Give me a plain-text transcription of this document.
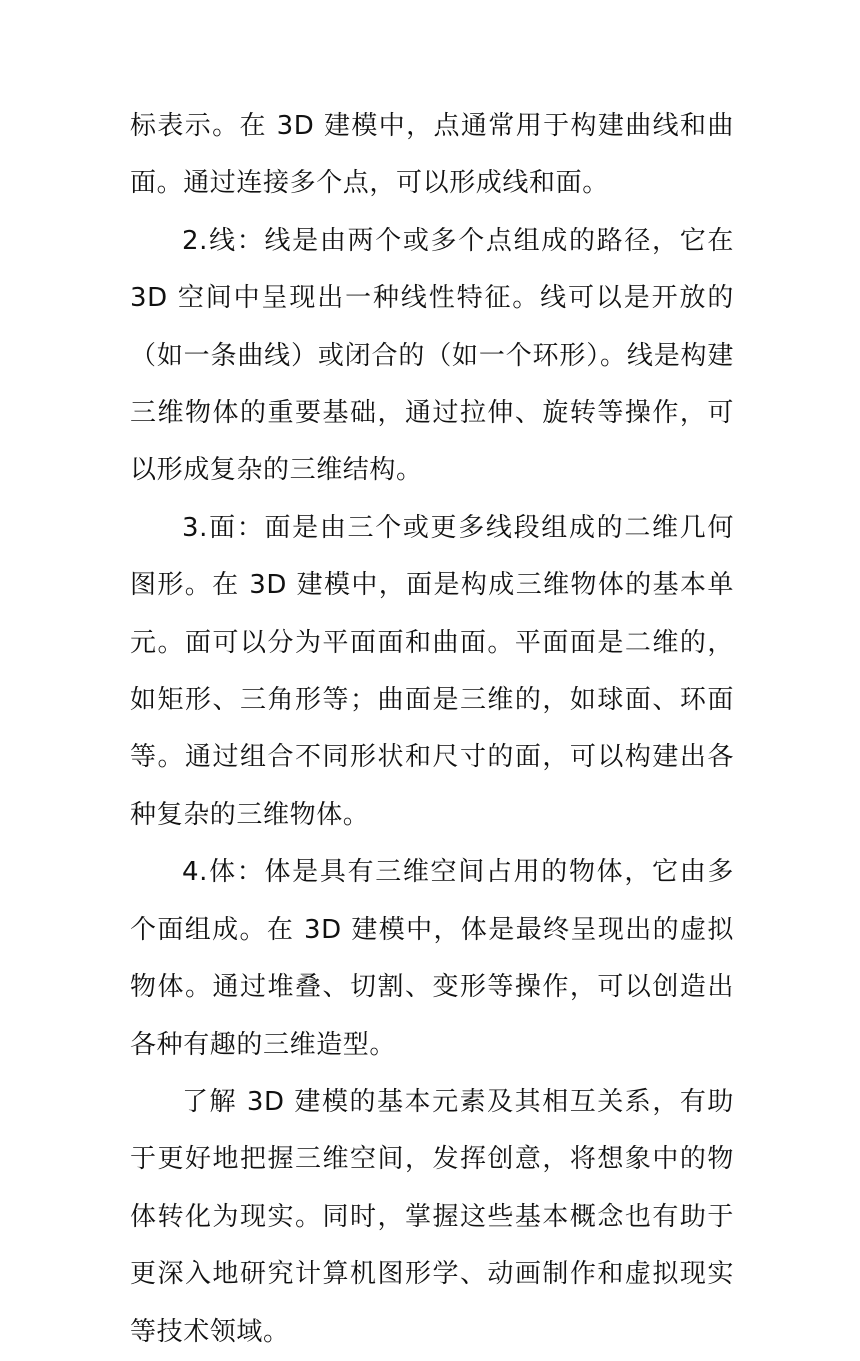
标表示。在 3D 建模中，点通常用于构建曲线和曲面。通过连接多个点，可以形成线和面。

2.线：线是由两个或多个点组成的路径，它在 3D 空间中呈现出一种线性特征。线可以是开放的（如一条曲线）或闭合的（如一个环形）。线是构建三维物体的重要基础，通过拉伸、旋转等操作，可以形成复杂的三维结构。

3.面：面是由三个或更多线段组成的二维几何图形。在 3D 建模中，面是构成三维物体的基本单元。面可以分为平面面和曲面。平面面是二维的，如矩形、三角形等；曲面是三维的，如球面、环面等。通过组合不同形状和尺寸的面，可以构建出各种复杂的三维物体。

4.体：体是具有三维空间占用的物体，它由多个面组成。在 3D 建模中，体是最终呈现出的虚拟物体。通过堆叠、切割、变形等操作，可以创造出各种有趣的三维造型。

了解 3D 建模的基本元素及其相互关系，有助于更好地把握三维空间，发挥创意，将想象中的物体转化为现实。同时，掌握这些基本概念也有助于更深入地研究计算机图形学、动画制作和虚拟现实等技术领域。
